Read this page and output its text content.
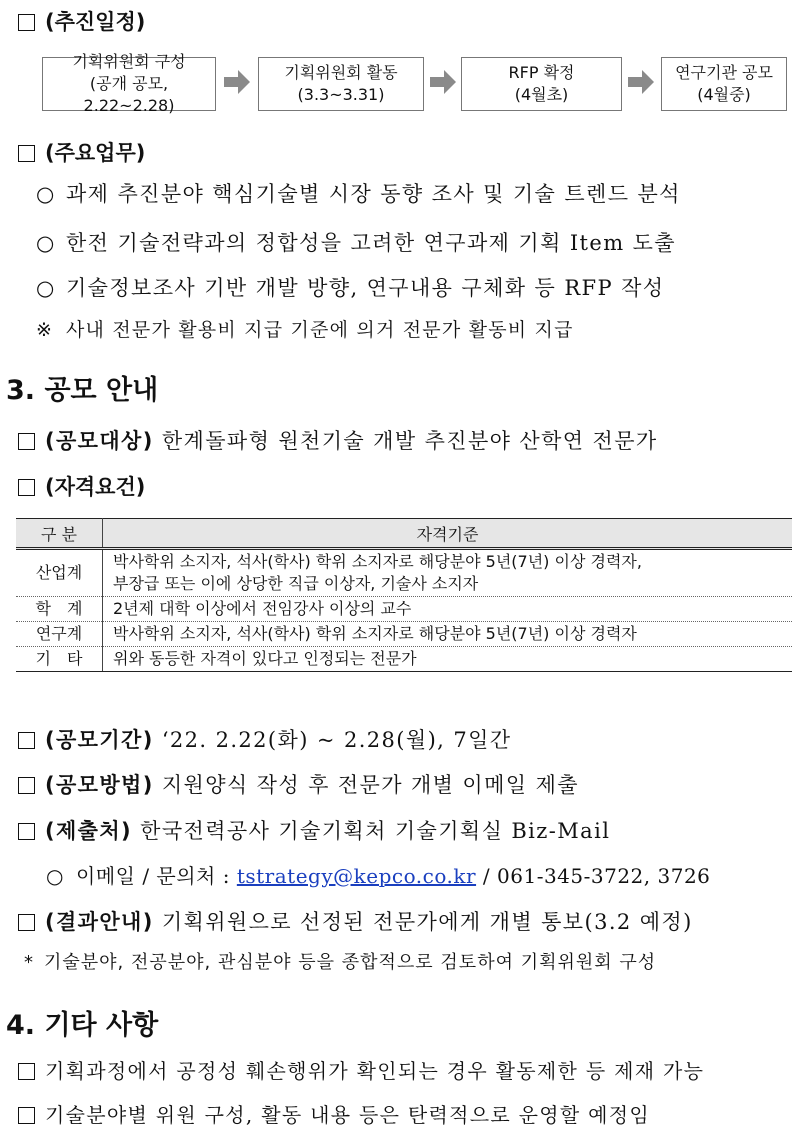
(추진일정)
기획위원회 구성
(공개 공모, 2.22~2.28)
기획위원회 활동
(3.3~3.31)
RFP 확정
(4월초)
연구기관 공모
(4월중)
(주요업무)
○ 과제 추진분야 핵심기술별 시장 동향 조사 및 기술 트렌드 분석
○ 한전 기술전략과의 정합성을 고려한 연구과제 기획 Item 도출
○ 기술정보조사 기반 개발 방향, 연구내용 구체화 등 RFP 작성
※ 사내 전문가 활용비 지급 기준에 의거 전문가 활동비 지급
3. 공모 안내
(공모대상) 한계돌파형 원천기술 개발 추진분야 산학연 전문가
(자격요건)
구 분	자격기준
산업계	박사학위 소지자, 석사(학사) 학위 소지자로 해당분야 5년(7년) 이상 경력자,
부장급 또는 이에 상당한 직급 이상자, 기술사 소지자

학　계	2년제 대학 이상에서 전임강사 이상의 교수
연구계	박사학위 소지자, 석사(학사) 학위 소지자로 해당분야 5년(7년) 이상 경력자
기　타	위와 동등한 자격이 있다고 인정되는 전문가
(공모기간) ‘22. 2.22(화) ~ 2.28(월), 7일간
(공모방법) 지원양식 작성 후 전문가 개별 이메일 제출
(제출처) 한국전력공사 기술기획처 기술기획실 Biz-Mail
○ 이메일 / 문의처 : tstrategy@kepco.co.kr / 061-345-3722, 3726
(결과안내) 기획위원으로 선정된 전문가에게 개별 통보(3.2 예정)
* 기술분야, 전공분야, 관심분야 등을 종합적으로 검토하여 기획위원회 구성
4. 기타 사항
기획과정에서 공정성 훼손행위가 확인되는 경우 활동제한 등 제재 가능
기술분야별 위원 구성, 활동 내용 등은 탄력적으로 운영할 예정임
